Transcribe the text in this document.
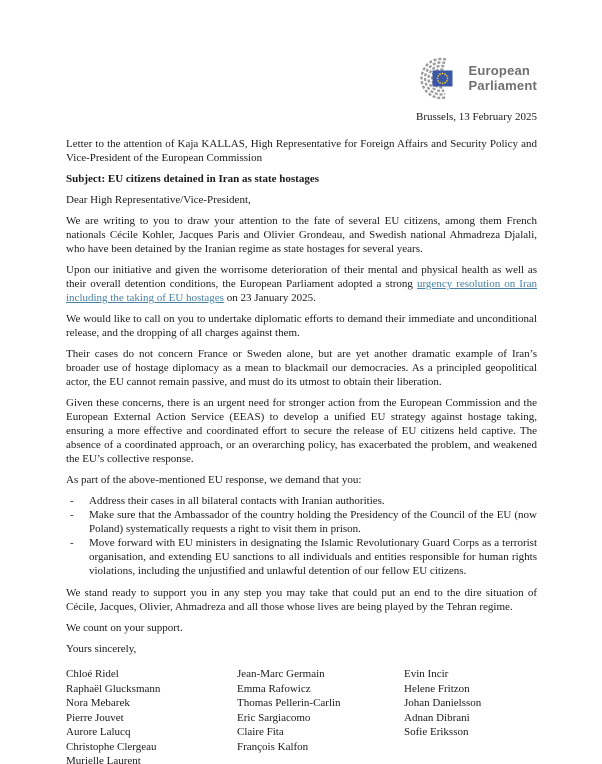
European
Parliament
Brussels, 13 February 2025

Letter to the attention of Kaja KALLAS, High Representative for Foreign Affairs and Security Policy and Vice-President of the European Commission

Subject: EU citizens detained in Iran as state hostages

Dear High Representative/Vice-President,

We are writing to you to draw your attention to the fate of several EU citizens, among them French nationals Cécile Kohler, Jacques Paris and Olivier Grondeau, and Swedish national Ahmadreza Djalali, who have been detained by the Iranian regime as state hostages for several years.

Upon our initiative and given the worrisome deterioration of their mental and physical health as well as their overall detention conditions, the European Parliament adopted a strong urgency resolution on Iran including the taking of EU hostages on 23 January 2025.

We would like to call on you to undertake diplomatic efforts to demand their immediate and unconditional release, and the dropping of all charges against them.

Their cases do not concern France or Sweden alone, but are yet another dramatic example of Iran’s broader use of hostage diplomacy as a mean to blackmail our democracies. As a principled geopolitical actor, the EU cannot remain passive, and must do its utmost to obtain their liberation.

Given these concerns, there is an urgent need for stronger action from the European Commission and the European External Action Service (EEAS) to develop a unified EU strategy against hostage taking, ensuring a more effective and coordinated effort to secure the release of EU citizens held captive. The absence of a coordinated approach, or an overarching policy, has exacerbated the problem, and weakened the EU’s collective response.

As part of the above-mentioned EU response, we demand that you:

-	Address their cases in all bilateral contacts with Iranian authorities.
-	Make sure that the Ambassador of the country holding the Presidency of the Council of the EU (now Poland) systematically requests a right to visit them in prison.
-	Move forward with EU ministers in designating the Islamic Revolutionary Guard Corps as a terrorist organisation, and extending EU sanctions to all individuals and entities responsible for human rights violations, including the unjustified and unlawful detention of our fellow EU citizens.

We stand ready to support you in any step you may take that could put an end to the dire situation of Cécile, Jacques, Olivier, Ahmadreza and all those whose lives are being played by the Tehran regime.

We count on your support.

Yours sincerely,

Chloé Ridel
Raphaël Glucksmann
Nora Mebarek
Pierre Jouvet
Aurore Lalucq
Christophe Clergeau
Murielle Laurent
Jean-Marc Germain
Emma Rafowicz
Thomas Pellerin-Carlin
Eric Sargiacomo
Claire Fita
François Kalfon
Evin Incir
Helene Fritzon
Johan Danielsson
Adnan Dibrani
Sofie Eriksson
